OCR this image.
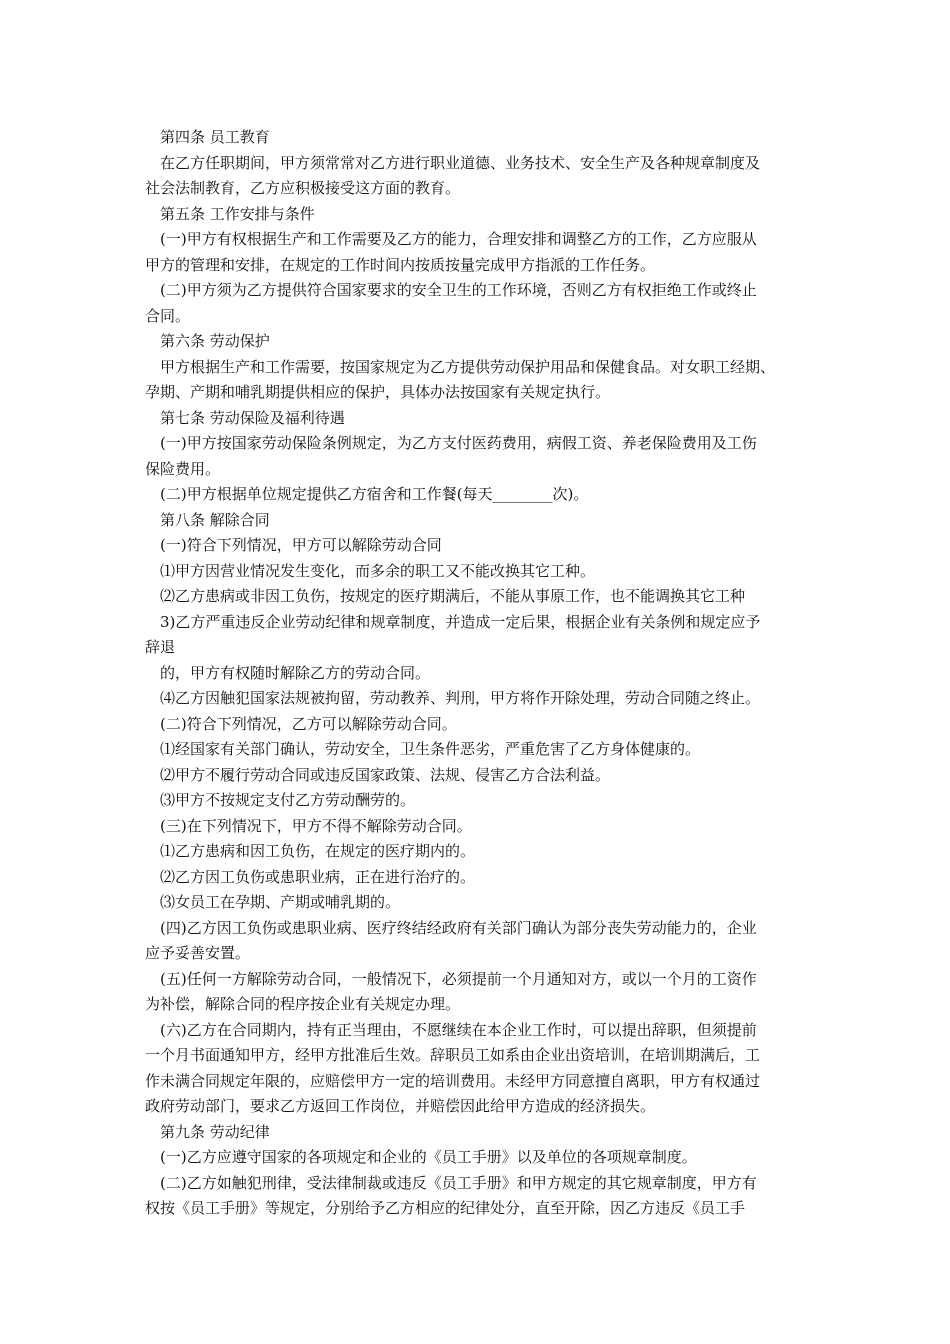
第四条 员工教育
在乙方任职期间，甲方须常常对乙方进行职业道德、业务技术、安全生产及各种规章制度及
社会法制教育，乙方应积极接受这方面的教育。
第五条 工作安排与条件
(一)甲方有权根据生产和工作需要及乙方的能力，合理安排和调整乙方的工作，乙方应服从
甲方的管理和安排，在规定的工作时间内按质按量完成甲方指派的工作任务。
(二)甲方须为乙方提供符合国家要求的安全卫生的工作环境，否则乙方有权拒绝工作或终止
合同。
第六条 劳动保护
甲方根据生产和工作需要，按国家规定为乙方提供劳动保护用品和保健食品。对女职工经期、
孕期、产期和哺乳期提供相应的保护，具体办法按国家有关规定执行。
第七条 劳动保险及福利待遇
(一)甲方按国家劳动保险条例规定，为乙方支付医药费用，病假工资、养老保险费用及工伤
保险费用。
(二)甲方根据单位规定提供乙方宿舍和工作餐(每天________次)。
第八条 解除合同
(一)符合下列情况，甲方可以解除劳动合同
⑴甲方因营业情况发生变化，而多余的职工又不能改换其它工种。
⑵乙方患病或非因工负伤，按规定的医疗期满后，不能从事原工作，也不能调换其它工种
3)乙方严重违反企业劳动纪律和规章制度，并造成一定后果，根据企业有关条例和规定应予
辞退
的，甲方有权随时解除乙方的劳动合同。
⑷乙方因触犯国家法规被拘留，劳动教养、判刑，甲方将作开除处理，劳动合同随之终止。
(二)符合下列情况，乙方可以解除劳动合同。
⑴经国家有关部门确认，劳动安全，卫生条件恶劣，严重危害了乙方身体健康的。
⑵甲方不履行劳动合同或违反国家政策、法规、侵害乙方合法利益。
⑶甲方不按规定支付乙方劳动酬劳的。
(三)在下列情况下，甲方不得不解除劳动合同。
⑴乙方患病和因工负伤，在规定的医疗期内的。
⑵乙方因工负伤或患职业病，正在进行治疗的。
⑶女员工在孕期、产期或哺乳期的。
(四)乙方因工负伤或患职业病、医疗终结经政府有关部门确认为部分丧失劳动能力的，企业
应予妥善安置。
(五)任何一方解除劳动合同，一般情况下，必须提前一个月通知对方，或以一个月的工资作
为补偿，解除合同的程序按企业有关规定办理。
(六)乙方在合同期内，持有正当理由，不愿继续在本企业工作时，可以提出辞职，但须提前
一个月书面通知甲方，经甲方批准后生效。辞职员工如系由企业出资培训，在培训期满后，工
作未满合同规定年限的，应赔偿甲方一定的培训费用。未经甲方同意擅自离职，甲方有权通过
政府劳动部门，要求乙方返回工作岗位，并赔偿因此给甲方造成的经济损失。
第九条 劳动纪律
(一)乙方应遵守国家的各项规定和企业的《员工手册》以及单位的各项规章制度。
(二)乙方如触犯刑律，受法律制裁或违反《员工手册》和甲方规定的其它规章制度，甲方有
权按《员工手册》等规定，分别给予乙方相应的纪律处分，直至开除，因乙方违反《员工手
